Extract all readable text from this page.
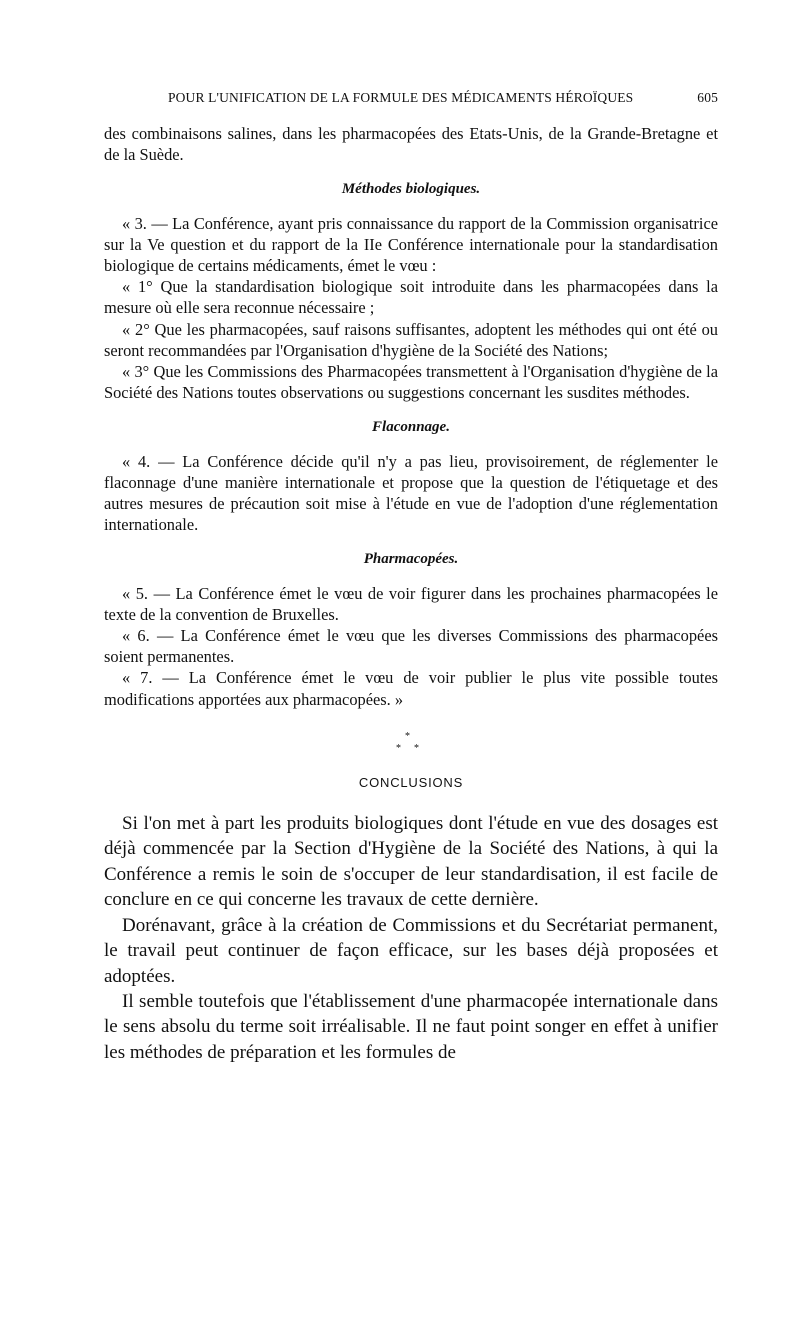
POUR L'UNIFICATION DE LA FORMULE DES MÉDICAMENTS HÉROÏQUES	605

des combinaisons salines, dans les pharmacopées des Etats-Unis, de la Grande-Bretagne et de la Suède.

Méthodes biologiques.

« 3. — La Conférence, ayant pris connaissance du rapport de la Commission organisatrice sur la Ve question et du rapport de la IIe Conférence internationale pour la standardisation biologique de certains médicaments, émet le vœu :

« 1° Que la standardisation biologique soit introduite dans les pharmacopées dans la mesure où elle sera reconnue nécessaire ;

« 2° Que les pharmacopées, sauf raisons suffisantes, adoptent les méthodes qui ont été ou seront recommandées par l'Organisation d'hygiène de la Société des Nations;

« 3° Que les Commissions des Pharmacopées transmettent à l'Organisation d'hygiène de la Société des Nations toutes observations ou suggestions concernant les susdites méthodes.

Flaconnage.

« 4. — La Conférence décide qu'il n'y a pas lieu, provisoirement, de réglementer le flaconnage d'une manière internationale et propose que la question de l'étiquetage et des autres mesures de précaution soit mise à l'étude en vue de l'adoption d'une réglementation internationale.

Pharmacopées.

« 5. — La Conférence émet le vœu de voir figurer dans les prochaines pharmacopées le texte de la convention de Bruxelles.

« 6. — La Conférence émet le vœu que les diverses Commissions des pharmacopées soient permanentes.

« 7. — La Conférence émet le vœu de voir publier le plus vite possible toutes modifications apportées aux pharmacopées. »

*
* *
CONCLUSIONS

Si l'on met à part les produits biologiques dont l'étude en vue des dosages est déjà commencée par la Section d'Hygiène de la Société des Nations, à qui la Conférence a remis le soin de s'occuper de leur standardisation, il est facile de conclure en ce qui concerne les travaux de cette dernière.

Dorénavant, grâce à la création de Commissions et du Secrétariat permanent, le travail peut continuer de façon efficace, sur les bases déjà proposées et adoptées.

Il semble toutefois que l'établissement d'une pharmacopée internationale dans le sens absolu du terme soit irréalisable. Il ne faut point songer en effet à unifier les méthodes de préparation et les formules de
